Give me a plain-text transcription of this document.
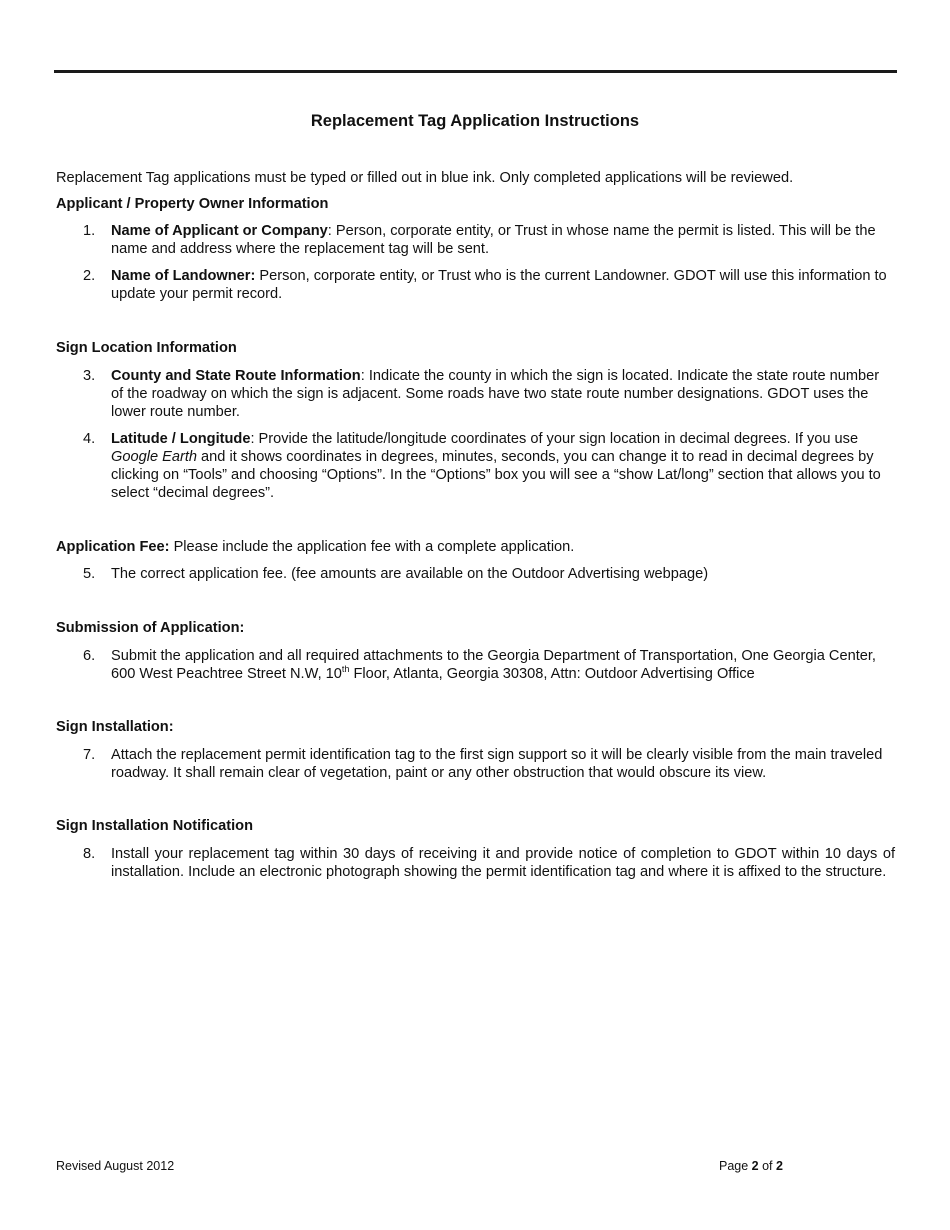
Replacement Tag Application Instructions
Replacement Tag applications must be typed or filled out in blue ink. Only completed applications will be reviewed.
Applicant / Property Owner Information
1. Name of Applicant or Company: Person, corporate entity, or Trust in whose name the permit is listed. This will be the name and address where the replacement tag will be sent.
2. Name of Landowner: Person, corporate entity, or Trust who is the current Landowner. GDOT will use this information to update your permit record.
Sign Location Information
3. County and State Route Information: Indicate the county in which the sign is located. Indicate the state route number of the roadway on which the sign is adjacent. Some roads have two state route number designations. GDOT uses the lower route number.
4. Latitude / Longitude: Provide the latitude/longitude coordinates of your sign location in decimal degrees. If you use Google Earth and it shows coordinates in degrees, minutes, seconds, you can change it to read in decimal degrees by clicking on “Tools” and choosing “Options”. In the “Options” box you will see a “show Lat/long” section that allows you to select “decimal degrees”.
Application Fee: Please include the application fee with a complete application.
5. The correct application fee. (fee amounts are available on the Outdoor Advertising webpage)
Submission of Application:
6. Submit the application and all required attachments to the Georgia Department of Transportation, One Georgia Center, 600 West Peachtree Street N.W, 10th Floor, Atlanta, Georgia 30308, Attn: Outdoor Advertising Office
Sign Installation:
7. Attach the replacement permit identification tag to the first sign support so it will be clearly visible from the main traveled roadway. It shall remain clear of vegetation, paint or any other obstruction that would obscure its view.
Sign Installation Notification
8. Install your replacement tag within 30 days of receiving it and provide notice of completion to GDOT within 10 days of installation. Include an electronic photograph showing the permit identification tag and where it is affixed to the structure.
Revised August 2012	Page 2 of 2
